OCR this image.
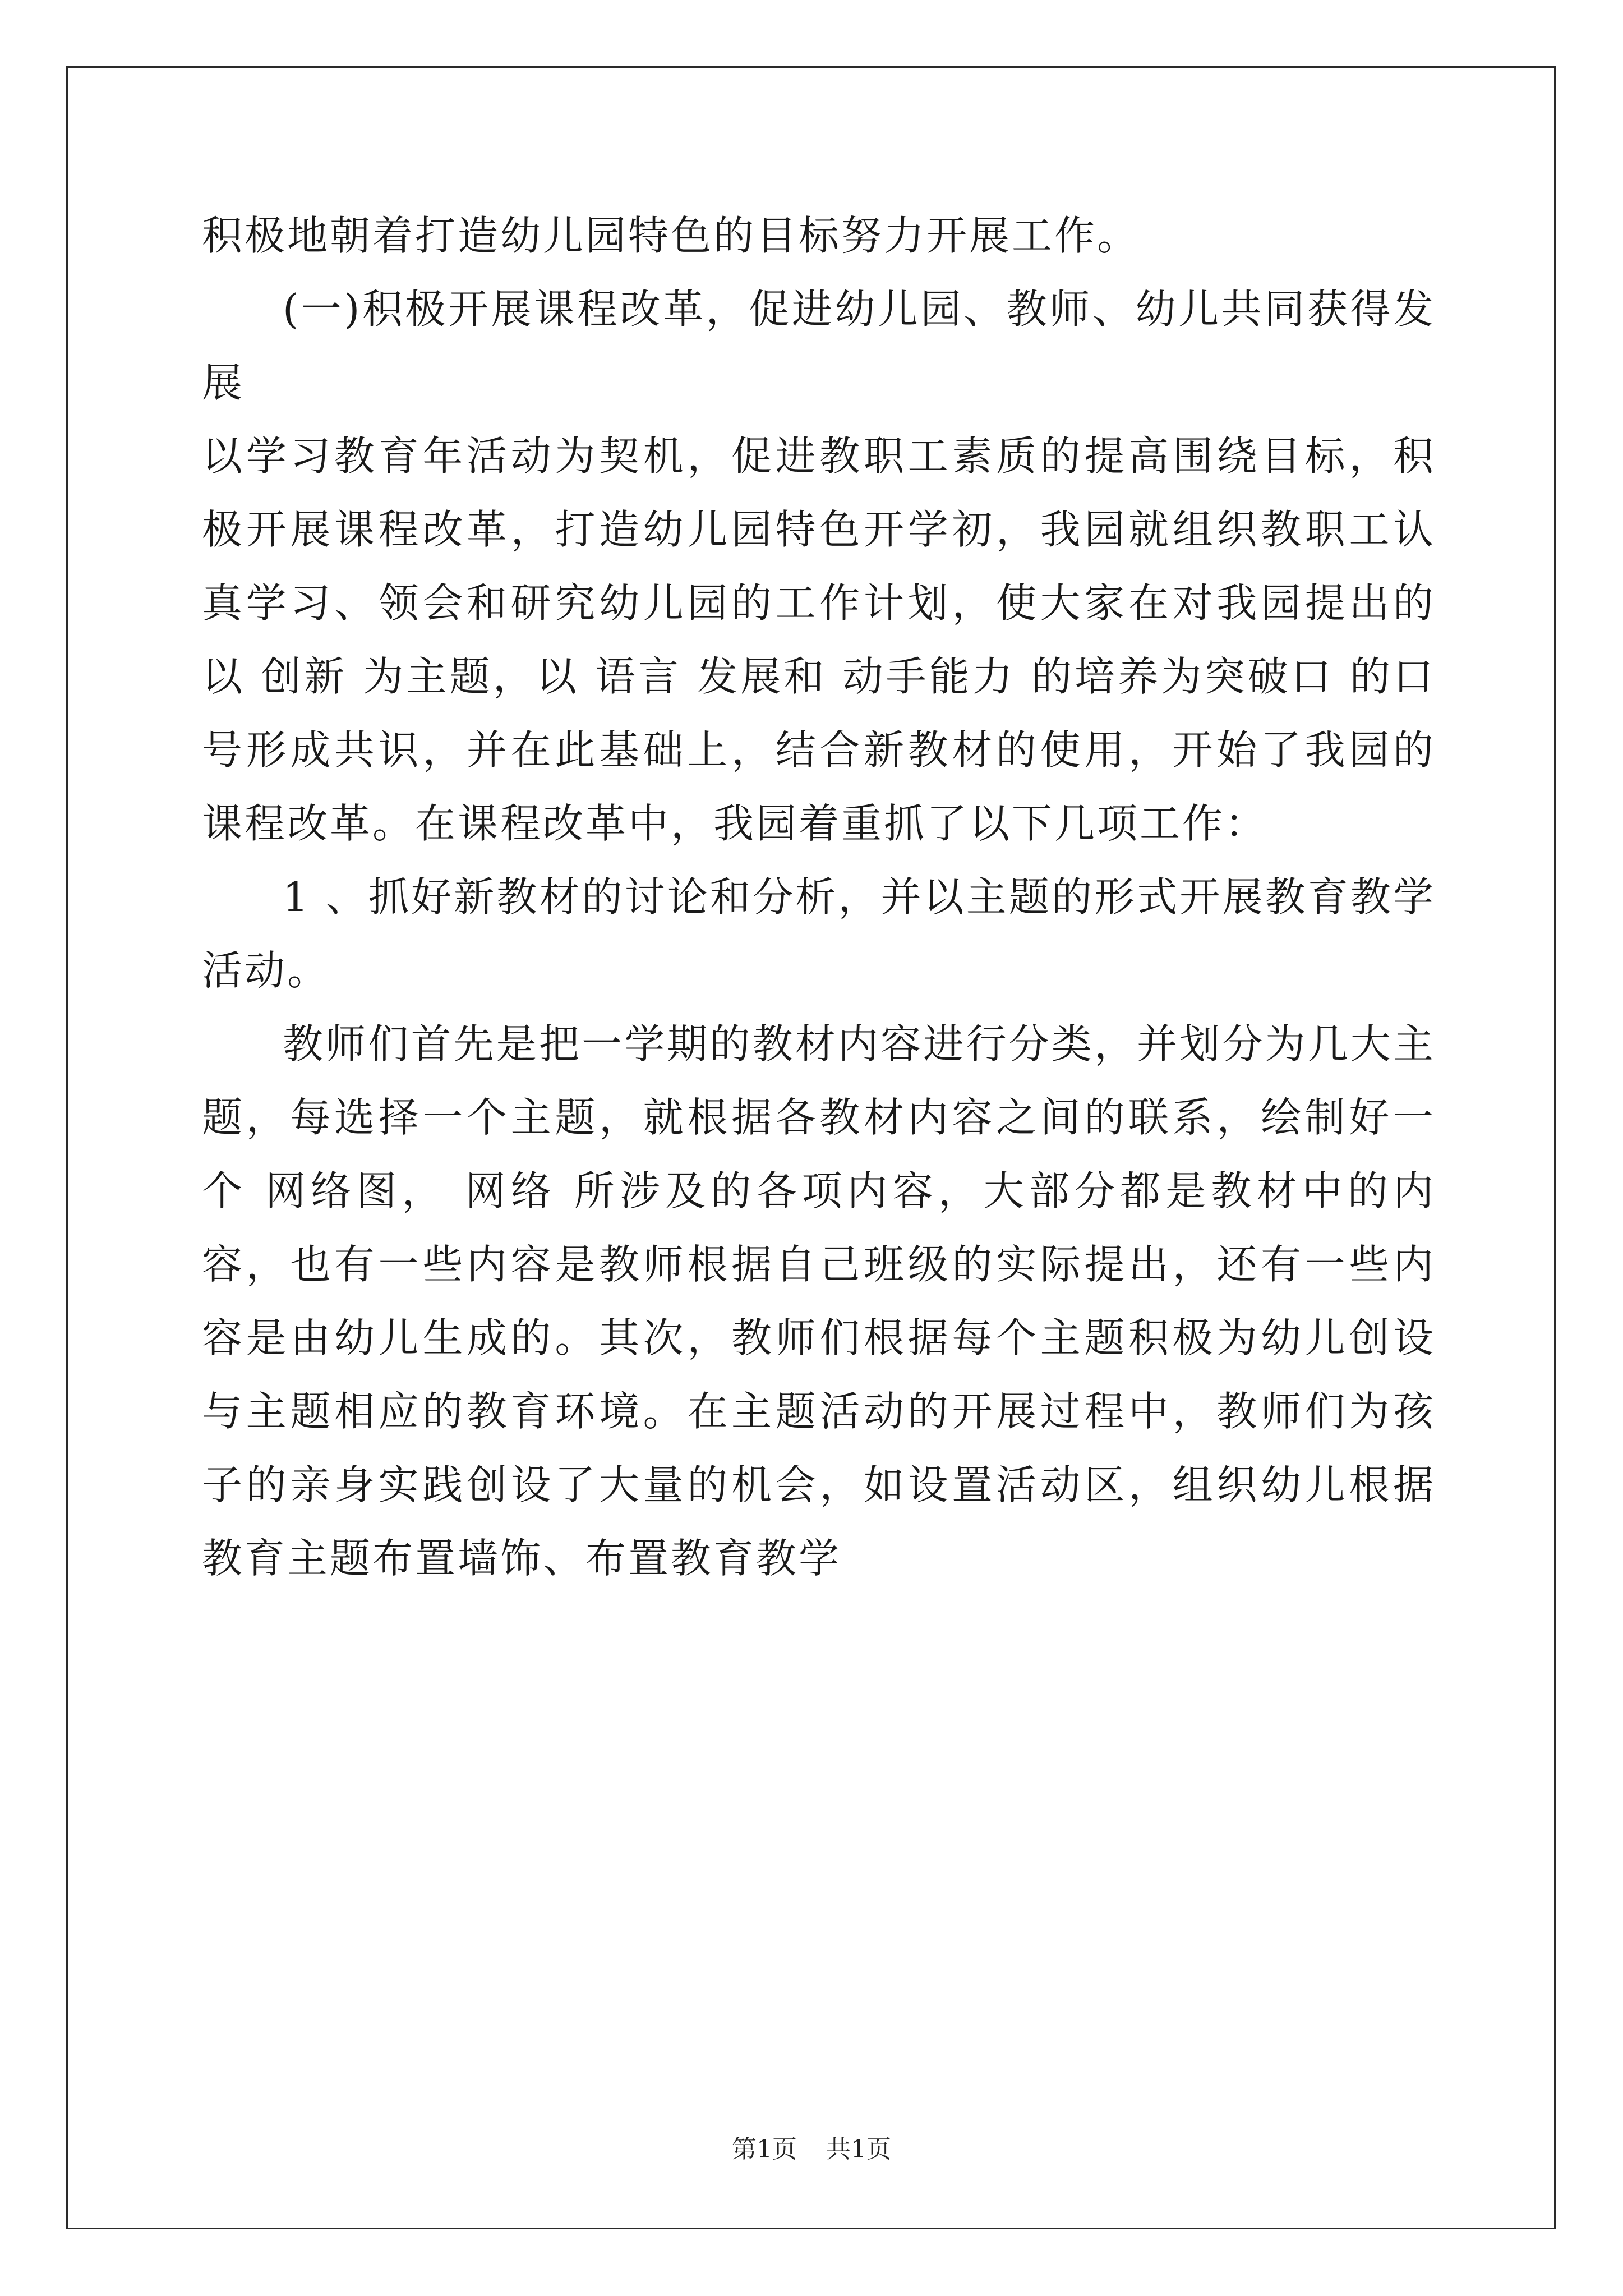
积极地朝着打造幼儿园特色的目标努力开展工作。

(一)积极开展课程改革，促进幼儿园、教师、幼儿共同获得发展

以学习教育年活动为契机，促进教职工素质的提高围绕目标，积极开展课程改革，打造幼儿园特色开学初，我园就组织教职工认真学习、领会和研究幼儿园的工作计划，使大家在对我园提出的 以 创新 为主题，以 语言 发展和 动手能力 的培养为突破口 的口号形成共识，并在此基础上，结合新教材的使用，开始了我园的课程改革。在课程改革中，我园着重抓了以下几项工作：

1 、抓好新教材的讨论和分析，并以主题的形式开展教育教学活动。

教师们首先是把一学期的教材内容进行分类，并划分为几大主题，每选择一个主题，就根据各教材内容之间的联系，绘制好一个 网络图， 网络 所涉及的各项内容，大部分都是教材中的内容，也有一些内容是教师根据自己班级的实际提出，还有一些内容是由幼儿生成的。其次，教师们根据每个主题积极为幼儿创设与主题相应的教育环境。在主题活动的开展过程中，教师们为孩子的亲身实践创设了大量的机会，如设置活动区，组织幼儿根据教育主题布置墙饰、布置教育教学

第1页 共1页
